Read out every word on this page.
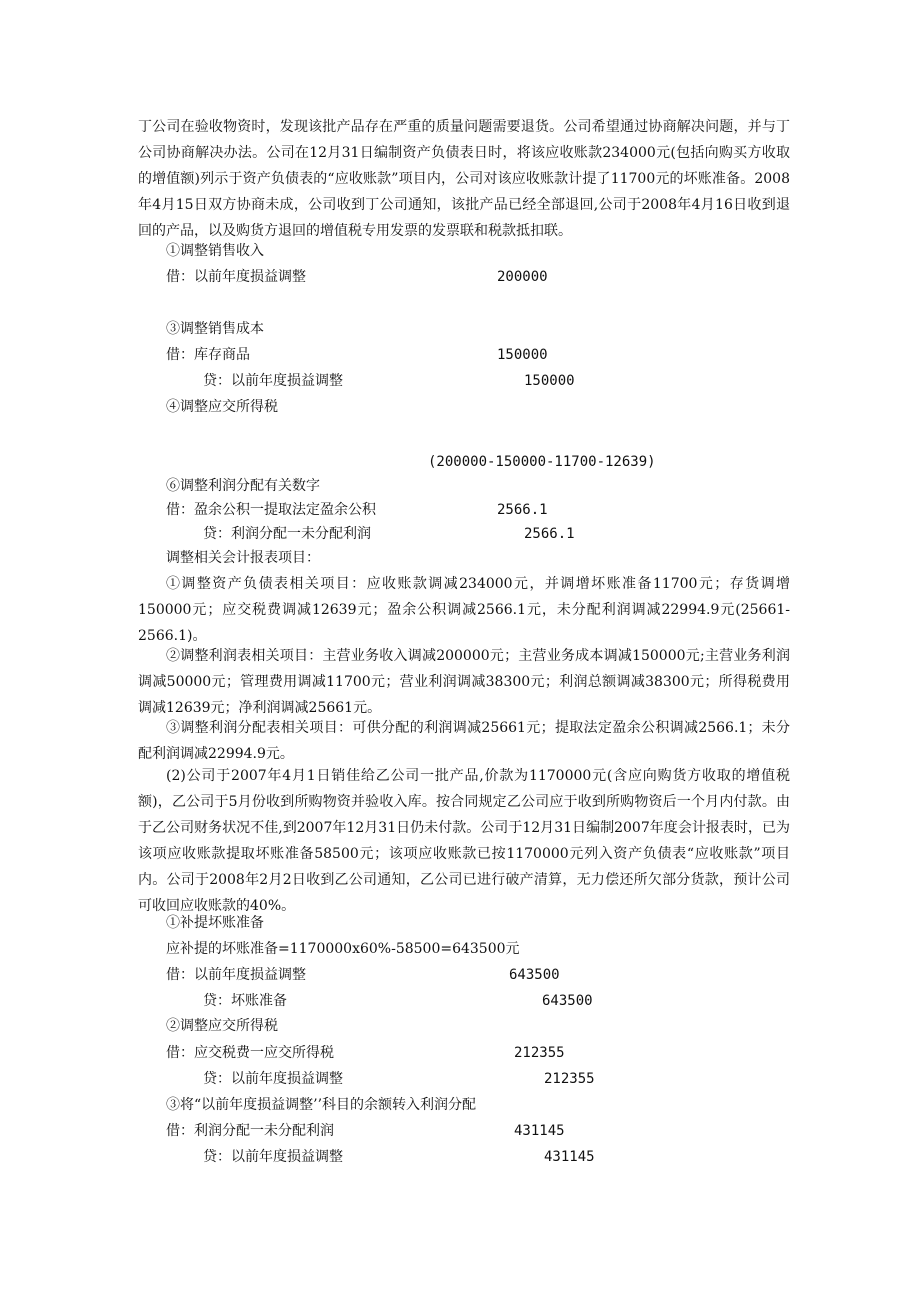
丁公司在验收物资时，发现该批产品存在严重的质量问题需要退货。公司希望通过协商解决问题，并与丁公司协商解决办法。公司在12月31日编制资产负债表日时，将该应收账款234000元(包括向购买方收取的增值额)列示于资产负债表的“应收账款”项目内，公司对该应收账款计提了11700元的坏账准备。2008年4月15日双方协商未成，公司收到丁公司通知，该批产品已经全部退回,公司于2008年4月16日收到退回的产品，以及购货方退回的增值税专用发票的发票联和税款抵扣联。

①调整销售收入
借：以前年度损益调整	200000
③调整销售成本
借：库存商品	150000
贷：以前年度损益调整	150000
④调整应交所得税
(200000-150000-11700-12639)
⑥调整利润分配有关数字
借：盈余公积一提取法定盈余公积	2566.1
贷：利润分配一未分配利润	2566.1
调整相关会计报表项目：

①调整资产负债表相关项目：应收账款调减234000元，并调增坏账准备11700元；存货调增150000元；应交税费调减12639元；盈余公积调减2566.1元，未分配利润调减22994.9元(25661-2566.1)。

②调整利润表相关项目：主营业务收入调减200000元；主营业务成本调减150000元;主营业务利润调减50000元；管理费用调减11700元；营业利润调减38300元；利润总额调减38300元；所得税费用调减12639元；净利润调减25661元。

③调整利润分配表相关项目：可供分配的利润调减25661元；提取法定盈余公积调减2566.1；未分配利润调减22994.9元。

(2)公司于2007年4月1日销佳给乙公司一批产品,价款为1170000元(含应向购货方收取的增值税额)，乙公司于5月份收到所购物资并验收入库。按合同规定乙公司应于收到所购物资后一个月内付款。由于乙公司财务状况不佳,到2007年12月31日仍未付款。公司于12月31日编制2007年度会计报表时，已为该项应收账款提取坏账准备58500元；该项应收账款已按1170000元列入资产负债表“应收账款”项目内。公司于2008年2月2日收到乙公司通知，乙公司已进行破产清算，无力偿还所欠部分货款，预计公司可收回应收账款的40%。

①补提坏账准备
应补提的坏账准备=1170000x60%-58500=643500元
借：以前年度损益调整	643500
贷：坏账准备	643500
②调整应交所得税
借：应交税费一应交所得税	212355
贷：以前年度损益调整	212355
③将“以前年度损益调整’’科目的余额转入利润分配
借：利润分配一未分配利润	431145
贷：以前年度损益调整	431145
